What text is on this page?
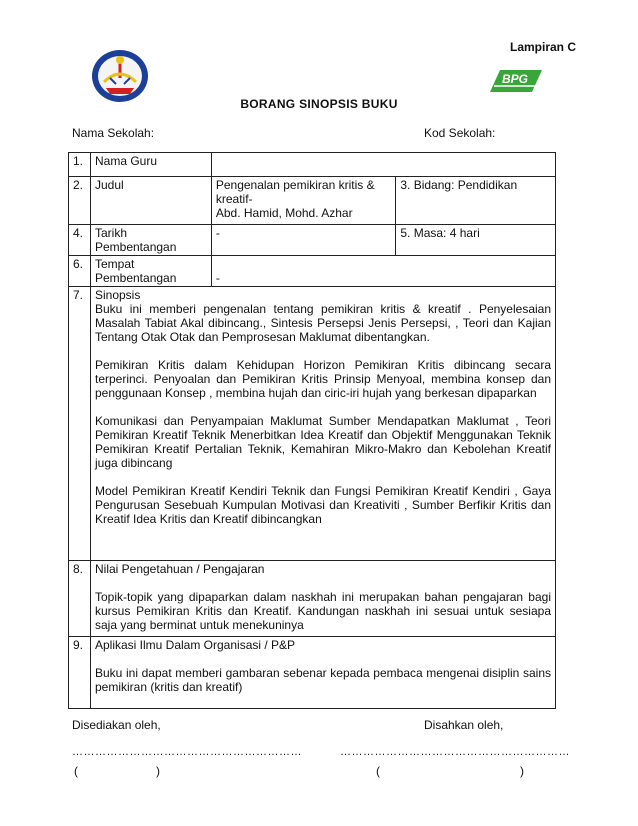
Lampiran C
BPG
BORANG SINOPSIS BUKU
Nama Sekolah:	Kod Sekolah:
1.	Nama Guru		
2.	Judul	Pengenalan pemikiran kritis &
kreatif-
Abd. Hamid, Mohd. Azhar	3. Bidang: Pendidikan
4.	Tarikh
Pembentangan	-	5. Masa: 4 hari
6.	Tempat
Pembentangan	-	
7.	Sinopsis

Buku ini memberi pengenalan tentang pemikiran kritis & kreatif . Penyelesaian Masalah Tabiat Akal dibincang., Sintesis Persepsi Jenis Persepsi, , Teori dan Kajian Tentang Otak Otak dan Pemprosesan Maklumat dibentangkan.

Pemikiran Kritis dalam Kehidupan Horizon Pemikiran Kritis dibincang secara terperinci. Penyoalan dan Pemikiran Kritis Prinsip Menyoal, membina konsep dan penggunaan Konsep , membina hujah dan ciric-iri hujah yang berkesan dipaparkan

Komunikasi dan Penyampaian Maklumat Sumber Mendapatkan Maklumat , Teori Pemikiran Kreatif Teknik Menerbitkan Idea Kreatif dan Objektif Menggunakan Teknik Pemikiran Kreatif Pertalian Teknik, Kemahiran Mikro-Makro dan Kebolehan Kreatif juga dibincang

Model Pemikiran Kreatif Kendiri Teknik dan Fungsi Pemikiran Kreatif Kendiri , Gaya Pengurusan Sesebuah Kumpulan Motivasi dan Kreativiti , Sumber Berfikir Kritis dan Kreatif Idea Kritis dan Kreatif dibincangkan		

8.	Nilai Pengetahuan / Pengajaran

Topik-topik yang dipaparkan dalam naskhah ini merupakan bahan pengajaran bagi kursus Pemikiran Kritis dan Kreatif. Kandungan naskhah ini sesuai untuk sesiapa saja yang berminat untuk menekuninya		

9.	Aplikasi Ilmu Dalam Organisasi / P&P

Buku ini dapat memberi gambaran sebenar kepada pembaca mengenai disiplin sains pemikiran (kritis dan kreatif)		

Disediakan oleh,	Disahkan oleh,
……………………………………………………	……………………………………………………
(	)	(	)
